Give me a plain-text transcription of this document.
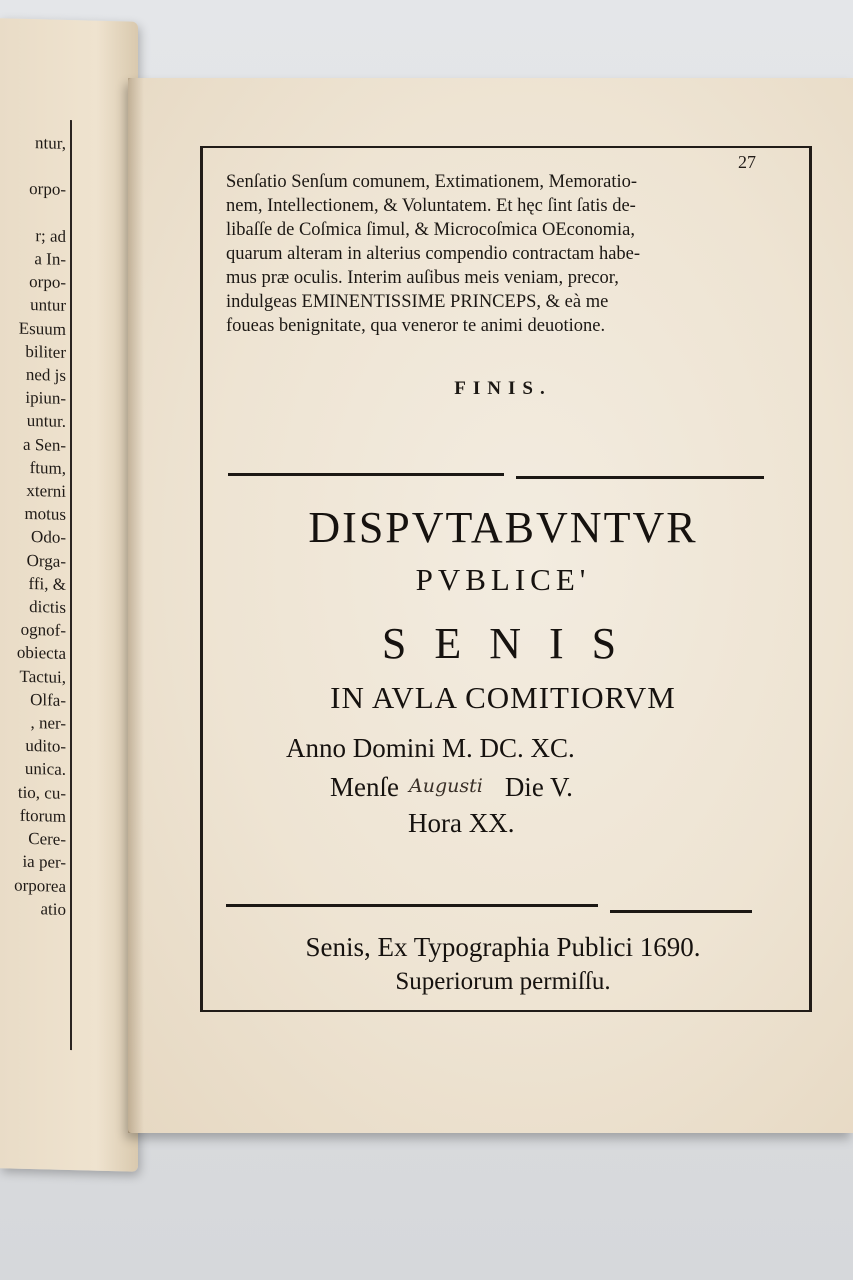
ntur,

orpo-

r; ad
a In-
orpo-
untur
Esuum
biliter
ned js
ipiun-
untur.
a Sen-
ftum,
xterni
motus
Odo-
Orga-
ffi, &
dictis
ognof-
obiecta
Tactui,
Olfa-
, ner-
udito-
unica.
tio, cu-
ftorum
Cere-
ia per-
orporea
atio
27
Senſatio Senſum comunem, Extimationem, Memoratio-
nem, Intellectionem, & Voluntatem. Et hęc ſint ſatis de-
libaſſe de Coſmica ſimul, & Microcoſmica OEconomia,
quarum alteram in alterius compendio contractam habe-
mus præ oculis. Interim auſibus meis veniam, precor,
indulgeas EMINENTISSIME PRINCEPS, & eà me
foueas benignitate, qua veneror te animi deuotione.
FINIS.
DISPVTABVNTVR
PVBLICE'
SENIS
IN AVLA COMITIORVM
Anno Domini M. DC. XC.
Menſe Augusti Die V.
Hora XX.
Senis, Ex Typographia Publici 1690.
Superiorum permiſſu.
